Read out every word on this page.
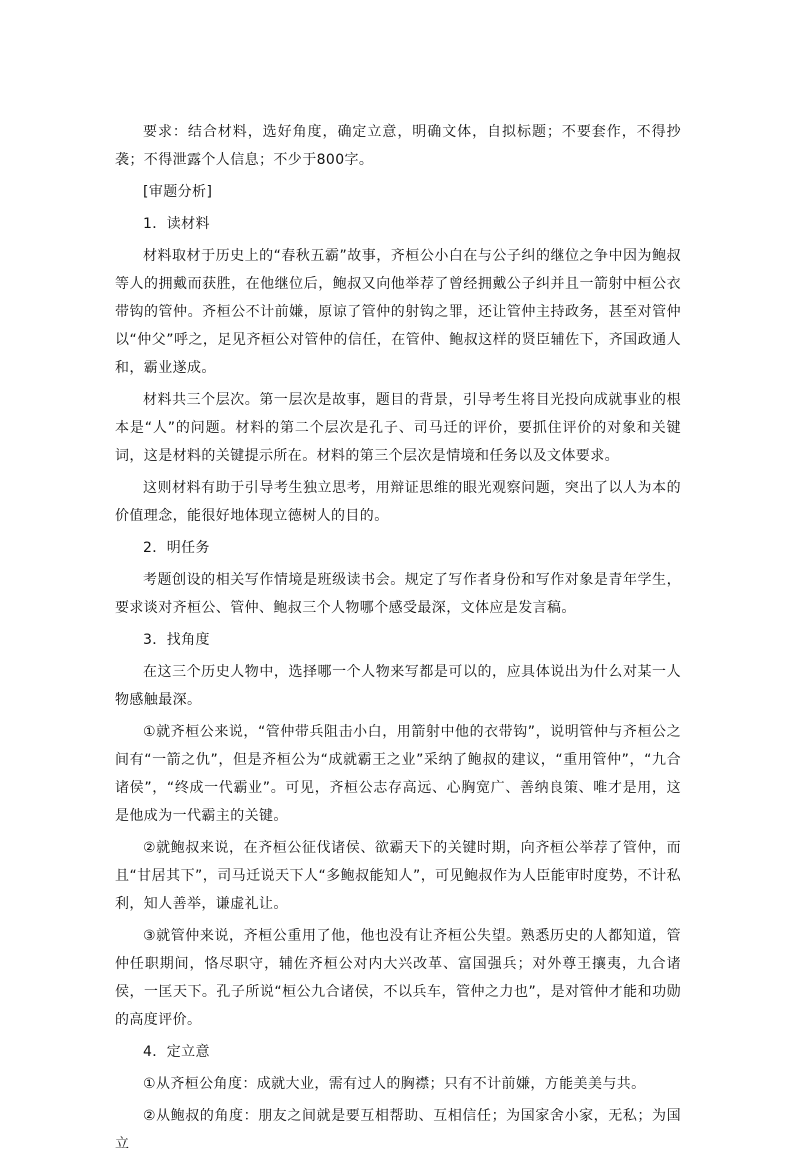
要求：结合材料，选好角度，确定立意，明确文体，自拟标题；不要套作，不得抄袭；不得泄露个人信息；不少于800字。

[审题分析]

1．读材料

材料取材于历史上的“春秋五霸”故事，齐桓公小白在与公子纠的继位之争中因为鲍叔等人的拥戴而获胜，在他继位后，鲍叔又向他举荐了曾经拥戴公子纠并且一箭射中桓公衣带钩的管仲。齐桓公不计前嫌，原谅了管仲的射钩之罪，还让管仲主持政务，甚至对管仲以“仲父”呼之，足见齐桓公对管仲的信任，在管仲、鲍叔这样的贤臣辅佐下，齐国政通人和，霸业遂成。

材料共三个层次。第一层次是故事，题目的背景，引导考生将目光投向成就事业的根本是“人”的问题。材料的第二个层次是孔子、司马迁的评价，要抓住评价的对象和关键词，这是材料的关键提示所在。材料的第三个层次是情境和任务以及文体要求。

这则材料有助于引导考生独立思考，用辩证思维的眼光观察问题，突出了以人为本的价值理念，能很好地体现立德树人的目的。

2．明任务

考题创设的相关写作情境是班级读书会。规定了写作者身份和写作对象是青年学生，要求谈对齐桓公、管仲、鲍叔三个人物哪个感受最深，文体应是发言稿。

3．找角度

在这三个历史人物中，选择哪一个人物来写都是可以的，应具体说出为什么对某一人物感触最深。

①就齐桓公来说，“管仲带兵阻击小白，用箭射中他的衣带钩”，说明管仲与齐桓公之间有“一箭之仇”，但是齐桓公为“成就霸王之业”采纳了鲍叔的建议，“重用管仲”，“九合诸侯”，“终成一代霸业”。可见，齐桓公志存高远、心胸宽广、善纳良策、唯才是用，这是他成为一代霸主的关键。

②就鲍叔来说，在齐桓公征伐诸侯、欲霸天下的关键时期，向齐桓公举荐了管仲，而且“甘居其下”，司马迁说天下人“多鲍叔能知人”，可见鲍叔作为人臣能审时度势，不计私利，知人善举，谦虚礼让。

③就管仲来说，齐桓公重用了他，他也没有让齐桓公失望。熟悉历史的人都知道，管仲任职期间，恪尽职守，辅佐齐桓公对内大兴改革、富国强兵；对外尊王攘夷，九合诸侯，一匡天下。孔子所说“桓公九合诸侯，不以兵车，管仲之力也”，是对管仲才能和功勋的高度评价。

4．定立意

①从齐桓公角度：成就大业，需有过人的胸襟；只有不计前嫌，方能美美与共。

②从鲍叔的角度：朋友之间就是要互相帮助、互相信任；为国家舍小家，无私；为国立
